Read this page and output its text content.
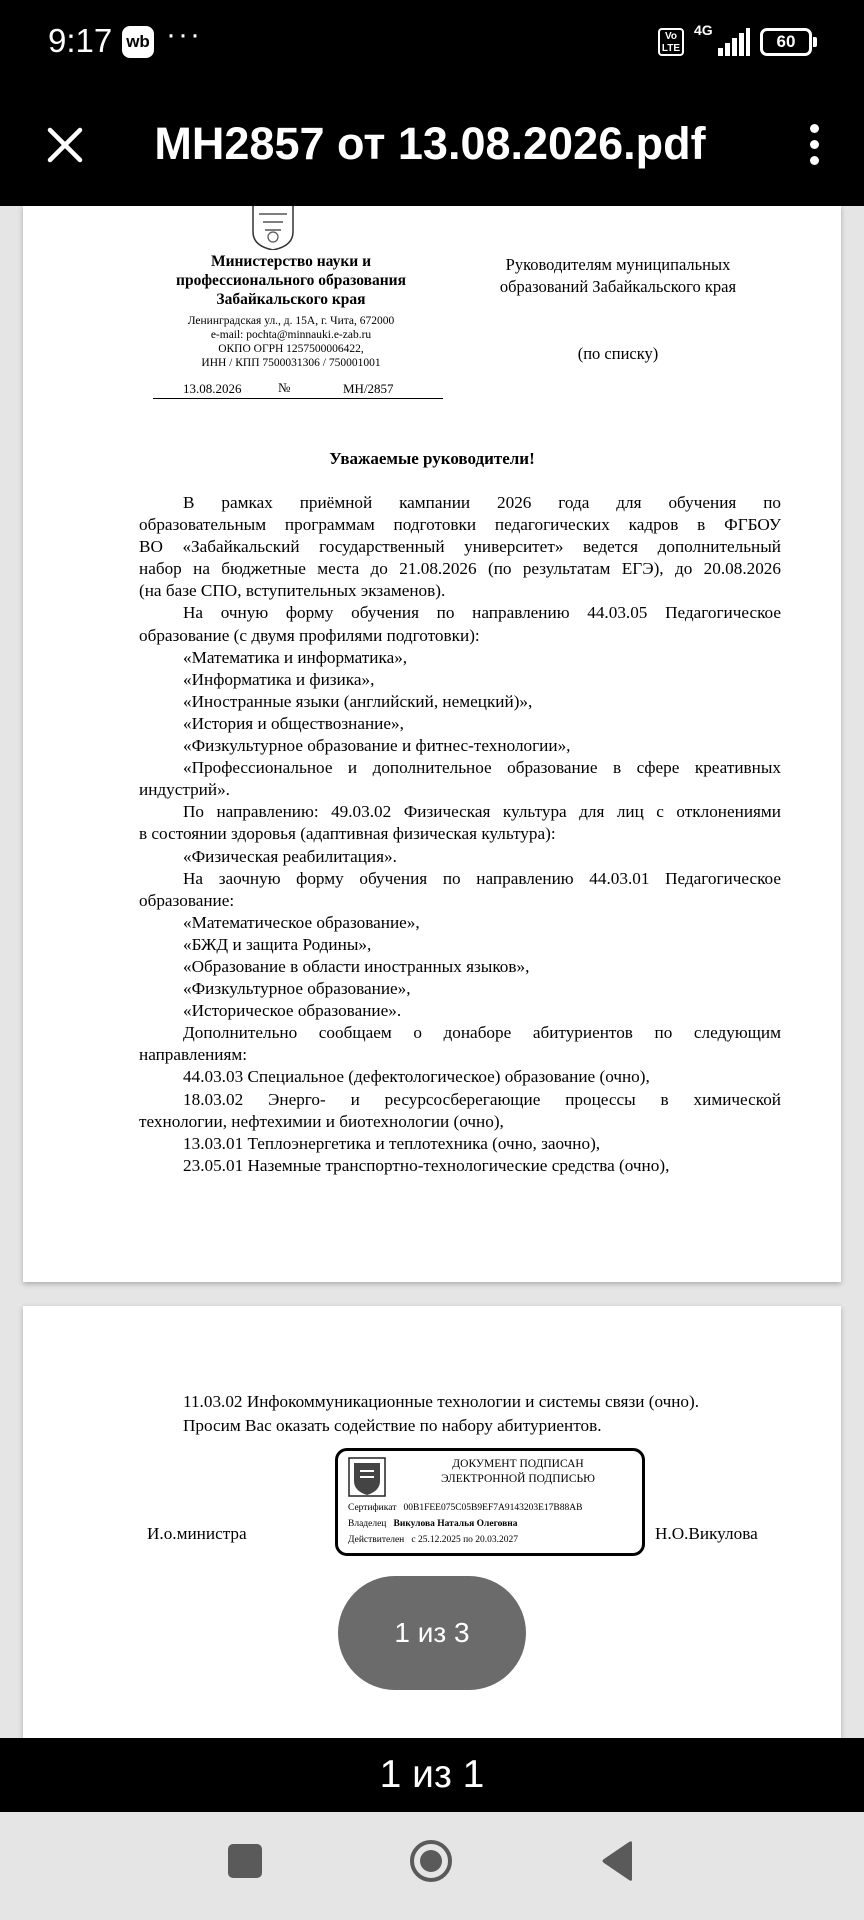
9:17 wb ···	Vo LTE
4G
60
МН2857 от 13.08.2026.pdf
Министерство науки и профессионального образования Забайкальского края
Ленинградская ул., д. 15А, г. Чита, 672000
e-mail: pochta@minnauki.e-zab.ru
ОКПО ОГРН 1257500006422,
ИНН / КПП 7500031306 / 750001001
13.08.2026	№	МН/2857
Руководителям муниципальных образований Забайкальского края
(по списку)
Уважаемые руководители!

В рамках приёмной кампании 2026 года для обучения по

образовательным программам подготовки педагогических кадров в ФГБОУ

ВО «Забайкальский государственный университет» ведется дополнительный

набор на бюджетные места до 21.08.2026 (по результатам ЕГЭ), до 20.08.2026

(на базе СПО, вступительных экзаменов).

На очную форму обучения по направлению 44.03.05 Педагогическое

образование (с двумя профилями подготовки):

«Математика и информатика»,

«Информатика и физика»,

«Иностранные языки (английский, немецкий)»,

«История и обществознание»,

«Физкультурное образование и фитнес-технологии»,

«Профессиональное и дополнительное образование в сфере креативных

индустрий».

По направлению: 49.03.02 Физическая культура для лиц с отклонениями

в состоянии здоровья (адаптивная физическая культура):

«Физическая реабилитация».

На заочную форму обучения по направлению 44.03.01 Педагогическое

образование:

«Математическое образование»,

«БЖД и защита Родины»,

«Образование в области иностранных языков»,

«Физкультурное образование»,

«Историческое образование».

Дополнительно сообщаем о донаборе абитуриентов по следующим

направлениям:

44.03.03 Специальное (дефектологическое) образование (очно),

18.03.02 Энерго- и ресурсосберегающие процессы в химической

технологии, нефтехимии и биотехнологии (очно),

13.03.01 Теплоэнергетика и теплотехника (очно, заочно),

23.05.01 Наземные транспортно-технологические средства (очно),

11.03.02 Инфокоммуникационные технологии и системы связи (очно).

Просим Вас оказать содействие по набору абитуриентов.

И.о.министра
ДОКУМЕНТ ПОДПИСАН
ЭЛЕКТРОННОЙ ПОДПИСЬЮ
Сертификат 00B1FEE075C05B9EF7A9143203E17B88AB
Владелец Викулова Наталья Олеговна
Действителен с 25.12.2025 по 20.03.2027	Н.О.Викулова
1 из 3
1 из 1
